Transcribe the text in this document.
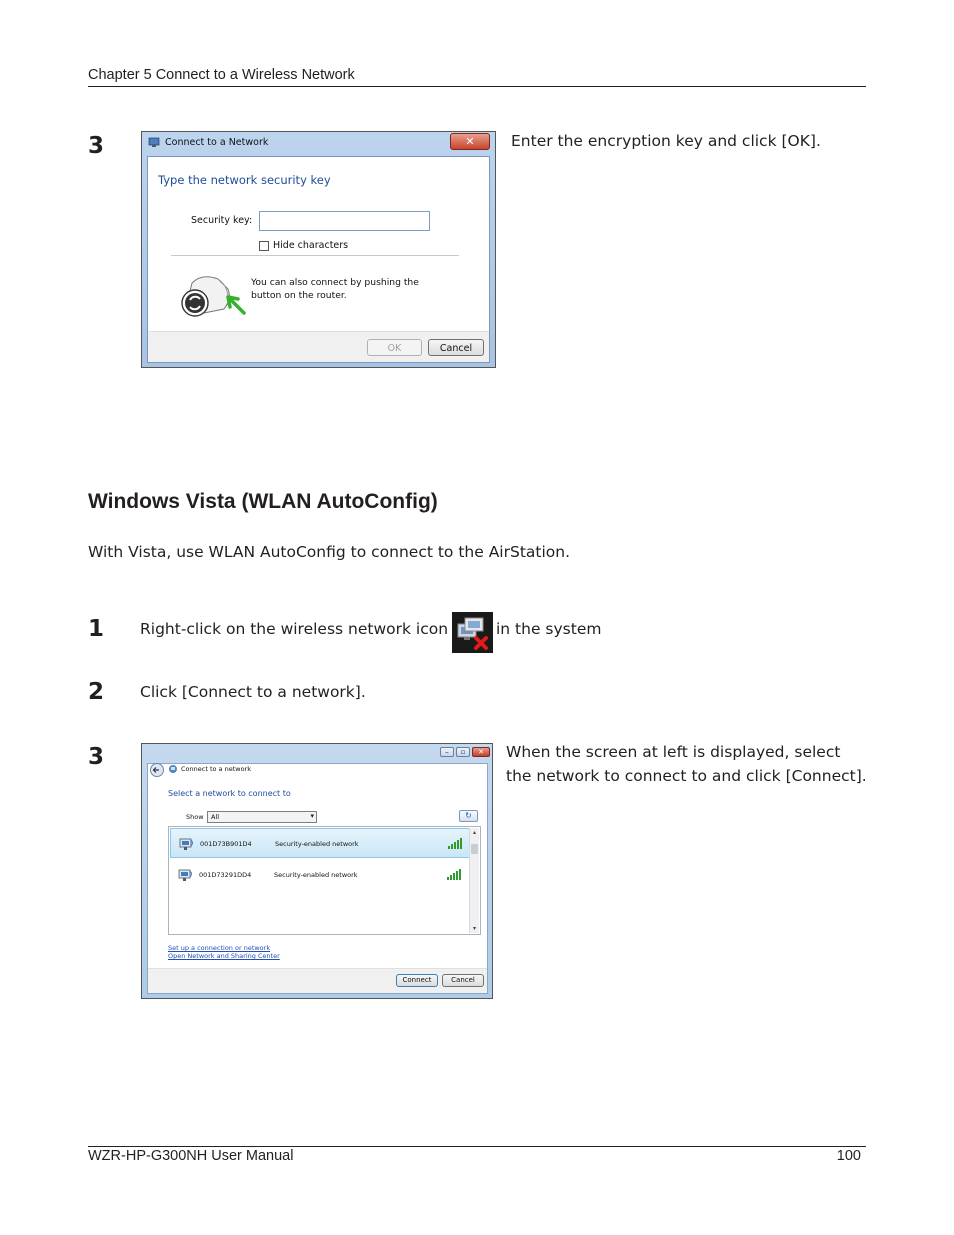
Chapter 5 Connect to a Wireless Network
3	Connect to a Network	✕
Type the network security key
Security key:
Hide characters
You can also connect by pushing the
button on the router.
OK	Cancel
Enter the encryption key and click [OK].
Windows Vista (WLAN AutoConfig)
With Vista, use WLAN AutoConfig to connect to the AirStation.
1 Right-click on the wireless network icon	in the system
2 Click [Connect to a network].
3	–	▫	✕
Connect to a network
Select a network to connect to
Show All	▾	↻
001D73B901D4	Security-enabled network
001D73291DD4	Security-enabled network
▴
▾
Set up a connection or network
Open Network and Sharing Center
Connect	Cancel
When the screen at left is displayed, select the network to connect to and click [Connect].
WZR-HP-G300NH User Manual	100
